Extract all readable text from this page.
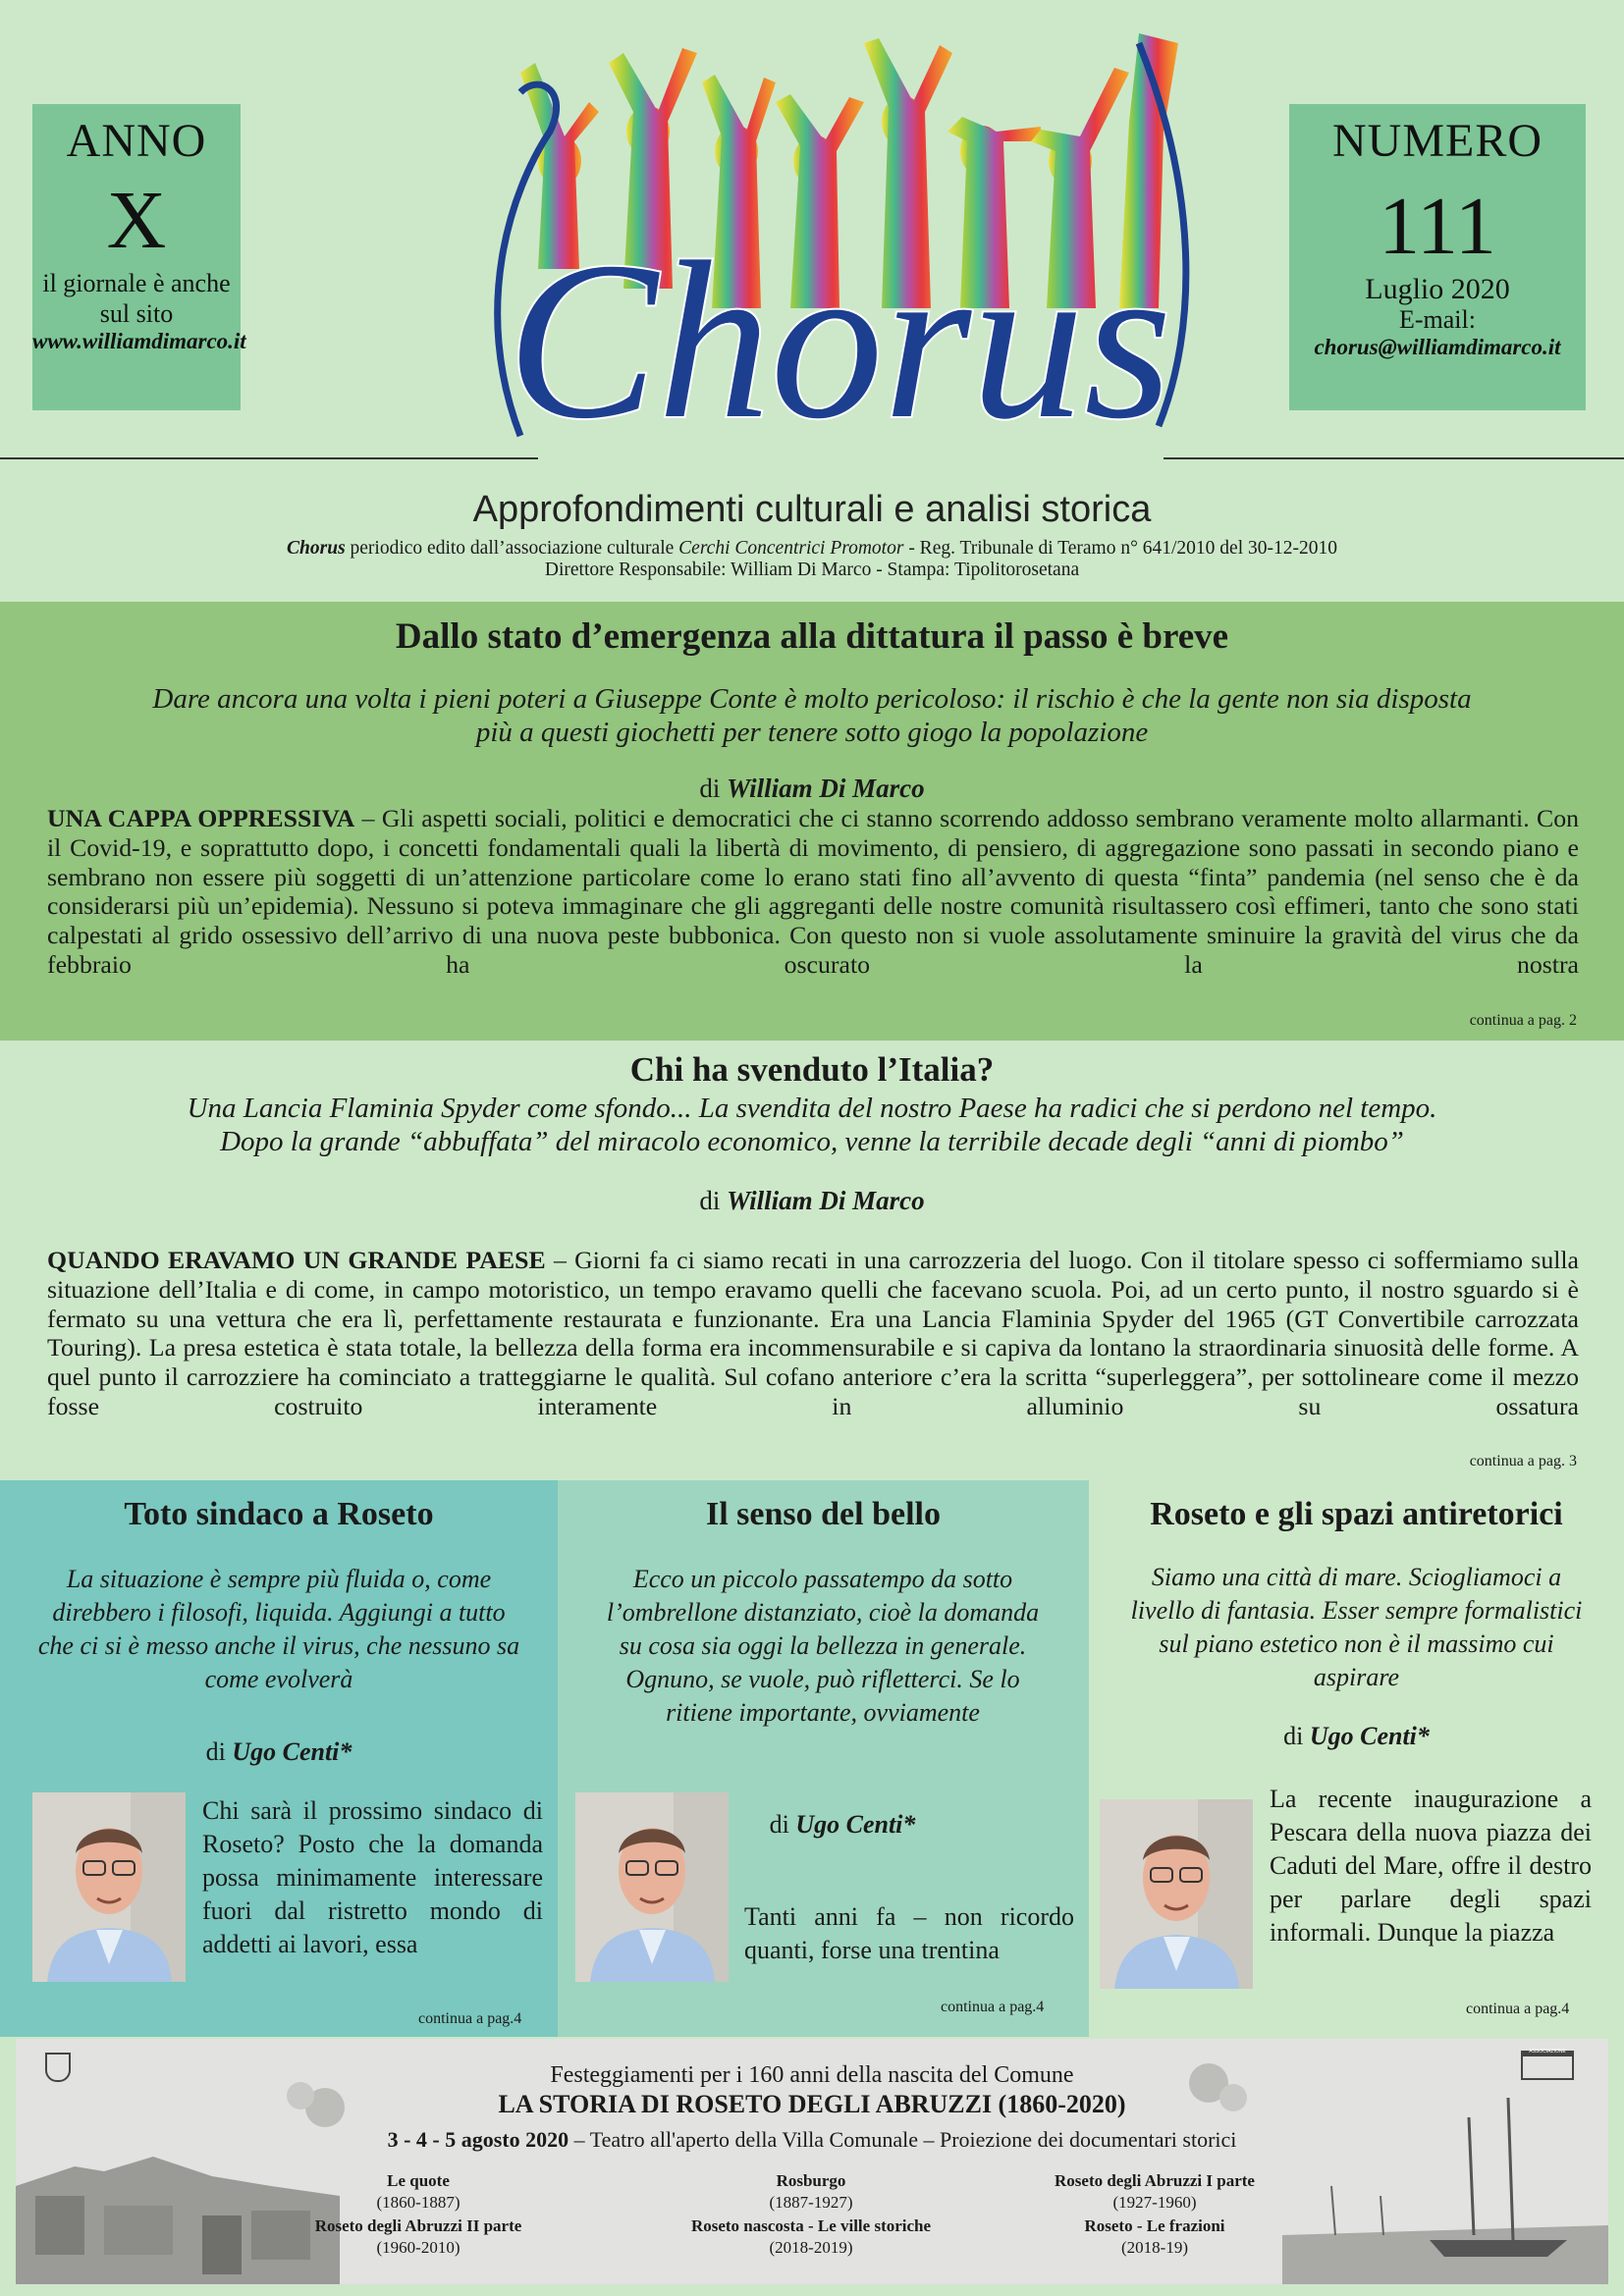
ANNO
X
il giornale è anche
sul sito
www.williamdimarco.it
NUMERO
111
Luglio 2020
E-mail:
chorus@williamdimarco.it
Chorus
Approfondimenti culturali e analisi storica
Chorus periodico edito dall’associazione culturale Cerchi Concentrici Promotor - Reg. Tribunale di Teramo n° 641/2010 del 30-12-2010
Direttore Responsabile: William Di Marco - Stampa: Tipolitorosetana
Dallo stato d’emergenza alla dittatura il passo è breve
Dare ancora una volta i pieni poteri a Giuseppe Conte è molto pericoloso: il rischio è che la gente non sia disposta
più a questi giochetti per tenere sotto giogo la popolazione
di William Di Marco
UNA CAPPA OPPRESSIVA – Gli aspetti sociali, politici e democratici che ci stanno scorrendo addosso sembrano veramente molto allarmanti. Con il Covid-19, e soprattutto dopo, i concetti fondamentali quali la libertà di movimento, di pensiero, di aggregazione sono passati in secondo piano e sembrano non essere più soggetti di un’attenzione particolare come lo erano stati fino all’avvento di questa “finta” pandemia (nel senso che è da considerarsi più un’epidemia). Nessuno si poteva immaginare che gli aggreganti delle nostre comunità risultassero così effimeri, tanto che sono stati calpestati al grido ossessivo dell’arrivo di una nuova peste bubbonica. Con questo non si vuole assolutamente sminuire la gravità del virus che da febbraio ha oscurato la nostra
continua a pag. 2
Chi ha svenduto l’Italia?
Una Lancia Flaminia Spyder come sfondo... La svendita del nostro Paese ha radici che si perdono nel tempo.
Dopo la grande “abbuffata” del miracolo economico, venne la terribile decade degli “anni di piombo”
di William Di Marco
QUANDO ERAVAMO UN GRANDE PAESE – Giorni fa ci siamo recati in una carrozzeria del luogo. Con il titolare spesso ci soffermiamo sulla situazione dell’Italia e di come, in campo motoristico, un tempo eravamo quelli che facevano scuola. Poi, ad un certo punto, il nostro sguardo si è fermato su una vettura che era lì, perfettamente restaurata e funzionante. Era una Lancia Flaminia Spyder del 1965 (GT Convertibile carrozzata Touring). La presa estetica è stata totale, la bellezza della forma era incommensurabile e si capiva da lontano la straordinaria sinuosità delle forme. A quel punto il carrozziere ha cominciato a tratteggiarne le qualità. Sul cofano anteriore c’era la scritta “superleggera”, per sottolineare come il mezzo fosse costruito interamente in alluminio su ossatura
continua a pag. 3
Toto sindaco a Roseto
La situazione è sempre più fluida o, come direbbero i filosofi, liquida. Aggiungi a tutto che ci si è messo anche il virus, che nessuno sa come evolverà
di Ugo Centi*
Chi sarà il prossimo sindaco di Roseto? Posto che la domanda possa minimamente interessare fuori dal ristretto mondo di addetti ai lavori, essa
continua a pag.4
Il senso del bello
Ecco un piccolo passatempo da sotto l’ombrellone distanziato, cioè la domanda su cosa sia oggi la bellezza in generale. Ognuno, se vuole, può rifletterci. Se lo ritiene importante, ovviamente
di Ugo Centi*
Tanti anni fa – non ricordo quanti, forse una trentina
continua a pag.4
Roseto e gli spazi antiretorici
Siamo una città di mare. Sciogliamoci a livello di fantasia. Esser sempre formalistici sul piano estetico non è il massimo cui aspirare
di Ugo Centi*
La recente inaugurazione a Pescara della nuova piazza dei Caduti del Mare, offre il destro per parlare degli spazi informali. Dunque la piazza
continua a pag.4
ASSOCIAZIONE
Festeggiamenti per i 160 anni della nascita del Comune
LA STORIA DI ROSETO DEGLI ABRUZZI (1860-2020)
3 - 4 - 5 agosto 2020 – Teatro all'aperto della Villa Comunale – Proiezione dei documentari storici
Le quote
(1860-1887)
Roseto degli Abruzzi II parte
(1960-2010)
Rosburgo
(1887-1927)
Roseto nascosta - Le ville storiche
(2018-2019)
Roseto degli Abruzzi I parte
(1927-1960)
Roseto - Le frazioni
(2018-19)
